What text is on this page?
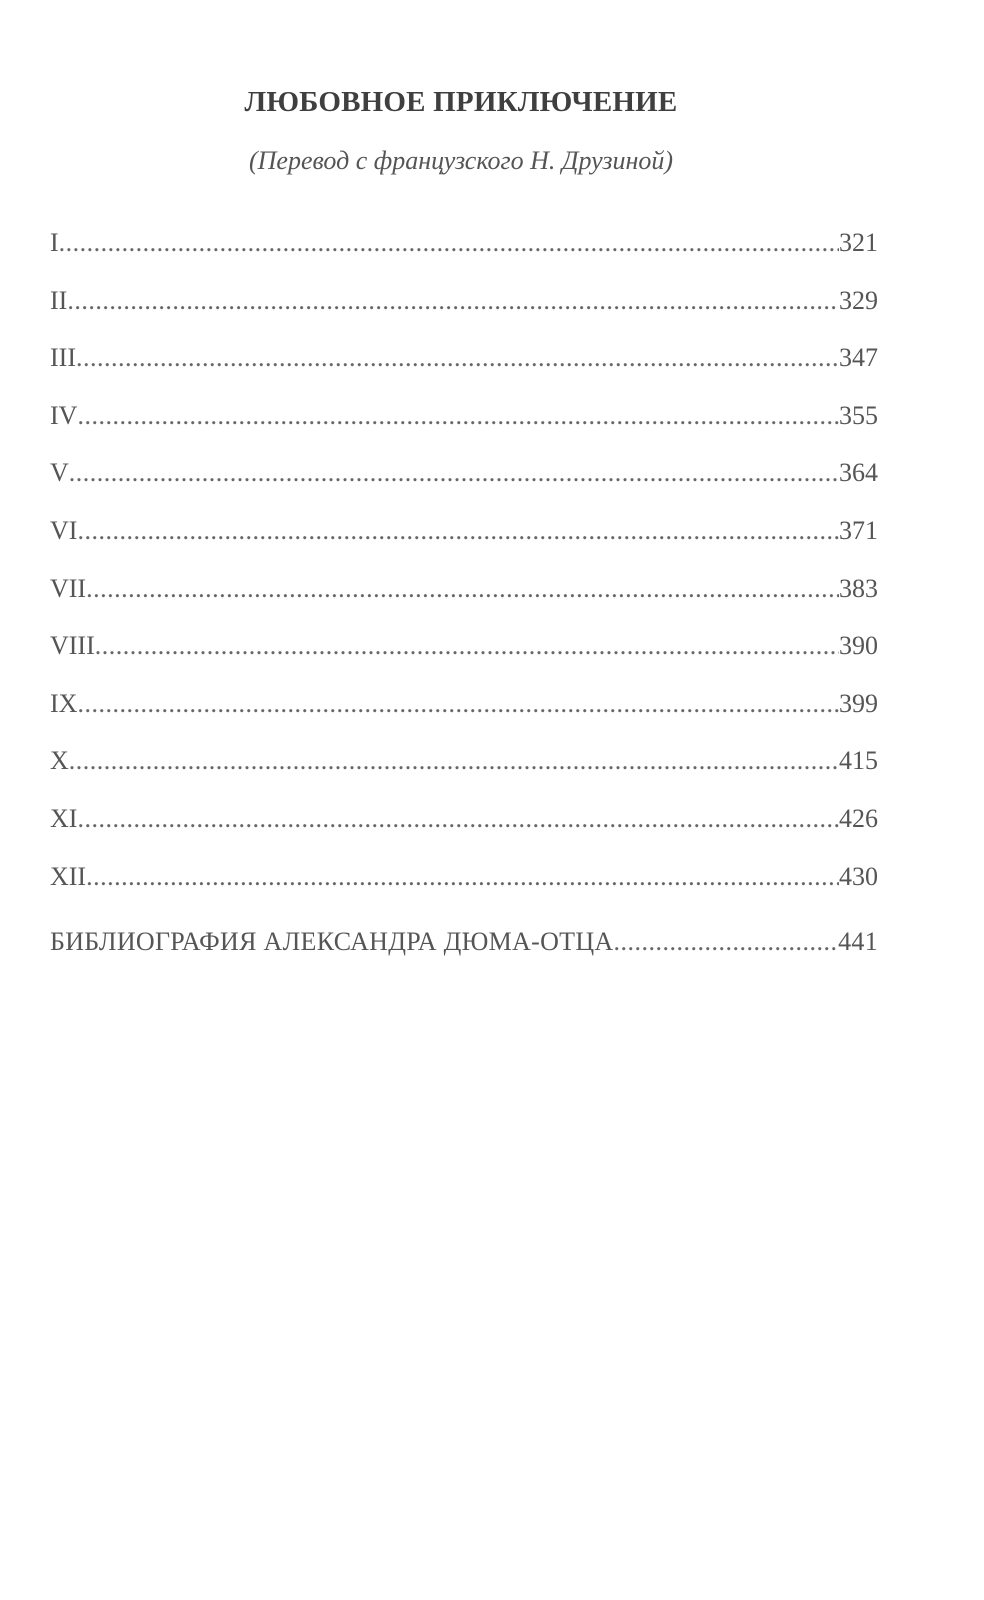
ЛЮБОВНОЕ ПРИКЛЮЧЕНИЕ
(Перевод с французского Н. Друзиной)
I .....	321
II .....	329
III .....	347
IV .....	355
V .....	364
VI .....	371
VII .....	383
VIII .....	390
IX .....	399
X .....	415
XI .....	426
XII .....	430
БИБЛИОГРАФИЯ АЛЕКСАНДРА ДЮМА-ОТЦА .....	441
